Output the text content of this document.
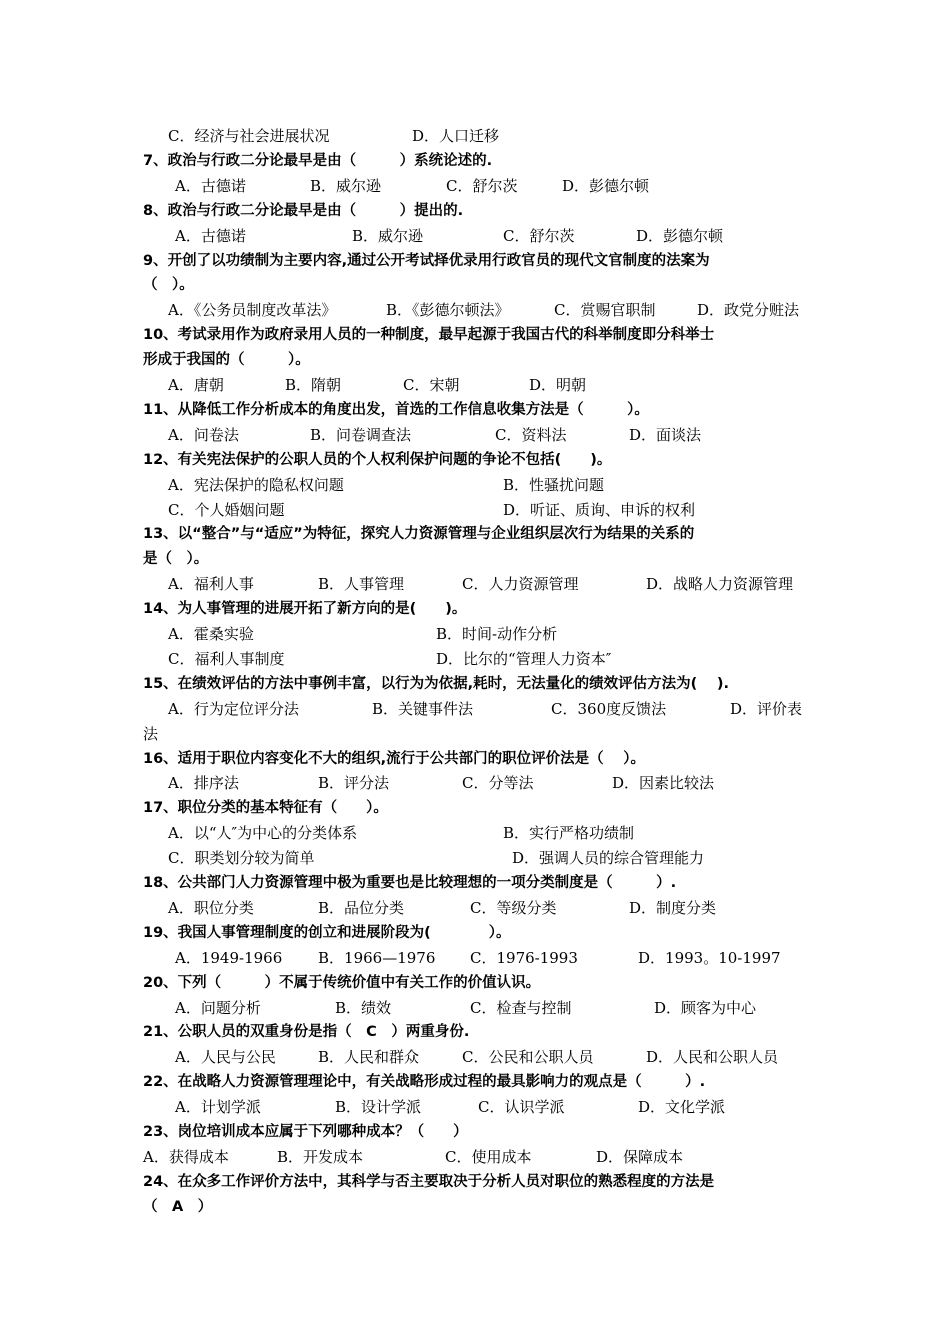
C．经济与社会进展状况	D．人口迁移
7、政治与行政二分论最早是由（　　　）系统论述的.
A．古德诺	B．威尔逊	C．舒尔茨	D．彭德尔顿
8、政治与行政二分论最早是由（　　　）提出的.
A．古德诺	B．威尔逊	C．舒尔茨	D．彭德尔顿
9、开创了以功绩制为主要内容,通过公开考试择优录用行政官员的现代文官制度的法案为
（　）。
A．《公务员制度改革法》	B．《彭德尔顿法》	C．赏赐官职制	D．政党分赃法
10、考试录用作为政府录用人员的一种制度，最早起源于我国古代的科举制度即分科举士
形成于我国的（　　　）。
A．唐朝	B．隋朝	C．宋朝	D．明朝
11、从降低工作分析成本的角度出发，首选的工作信息收集方法是（　　　）。
A．问卷法	B．问卷调查法	C．资料法	D．面谈法
12、有关宪法保护的公职人员的个人权利保护问题的争论不包括(　　)。
A．宪法保护的隐私权问题	B．性骚扰问题
C．个人婚姻问题	D．听证、质询、申诉的权利
13、以“整合”与“适应”为特征，探究人力资源管理与企业组织层次行为结果的关系的
是（　）。
A．福利人事	B．人事管理	C．人力资源管理	D．战略人力资源管理
14、为人事管理的进展开拓了新方向的是(　　)。
A．霍桑实验	B．时间-动作分析
C．福利人事制度	D．比尔的“管理人力资本″
15、在绩效评估的方法中事例丰富，以行为为依据,耗时，无法量化的绩效评估方法为(　 ).
A．行为定位评分法	B．关键事件法	C．360度反馈法	D．评价表
法
16、适用于职位内容变化不大的组织,流行于公共部门的职位评价法是（　 ）。
A．排序法	B．评分法	C．分等法	D．因素比较法
17、职位分类的基本特征有（　　）。
A．以“人″为中心的分类体系	B．实行严格功绩制
C．职类划分较为简单	D．强调人员的综合管理能力
18、公共部门人力资源管理中极为重要也是比较理想的一项分类制度是（　　　）.
A．职位分类	B．品位分类	C．等级分类	D．制度分类
19、我国人事管理制度的创立和进展阶段为(　　　　）。
A．1949-1966 B．1966—1976 C．1976-1993	D．1993。10-1997
20、下列（　　　）不属于传统价值中有关工作的价值认识。
A．问题分析	B．绩效	C．检查与控制	D．顾客为中心
21、公职人员的双重身份是指（　C　）两重身份.
A．人民与公民	B．人民和群众	C．公民和公职人员	D．人民和公职人员
22、在战略人力资源管理理论中，有关战略形成过程的最具影响力的观点是（　　　）.
A．计划学派	B．设计学派	C．认识学派	D．文化学派
23、岗位培训成本应属于下列哪种成本？（　　）
A．获得成本	B．开发成本	C．使用成本	D．保障成本
24、在众多工作评价方法中，其科学与否主要取决于分析人员对职位的熟悉程度的方法是
（　A　）
